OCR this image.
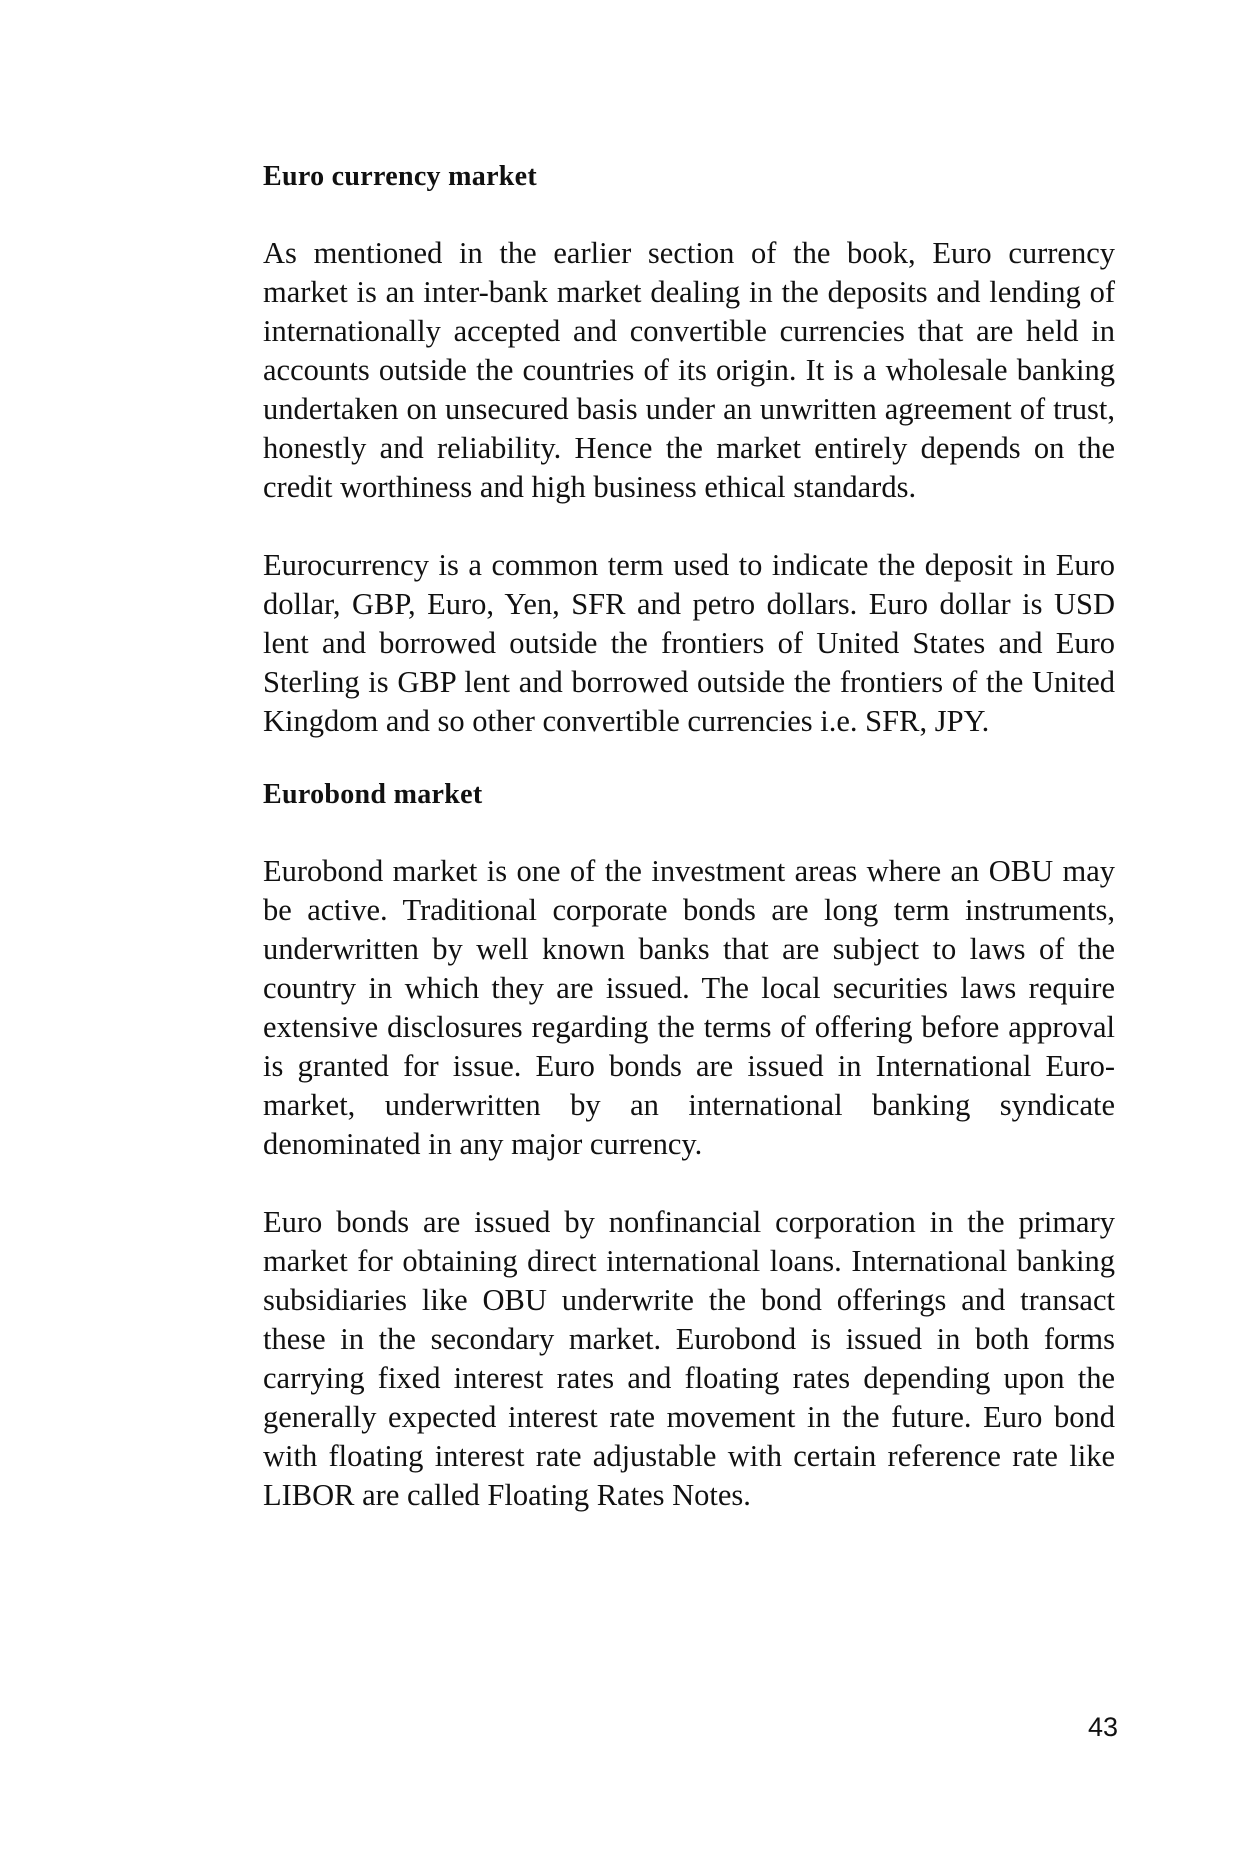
Euro currency market

As mentioned in the earlier section of the book, Euro currency market is an inter-bank market dealing in the deposits and lending of internationally accepted and convertible currencies that are held in accounts outside the countries of its origin. It is a wholesale banking undertaken on unsecured basis under an unwritten agreement of trust, honestly and reliability. Hence the market entirely depends on the credit worthiness and high business ethical standards.

Eurocurrency is a common term used to indicate the deposit in Euro dollar, GBP, Euro, Yen, SFR and petro dollars. Euro dollar is USD lent and borrowed outside the frontiers of United States and Euro Sterling is GBP lent and borrowed outside the frontiers of the United Kingdom and so other convertible currencies i.e. SFR, JPY.

Eurobond market

Eurobond market is one of the investment areas where an OBU may be active. Traditional corporate bonds are long term instruments, underwritten by well known banks that are subject to laws of the country in which they are issued. The local securities laws require extensive disclosures regarding the terms of offering before approval is granted for issue. Euro bonds are issued in International Euro-market, underwritten by an international banking syndicate denominated in any major currency.

Euro bonds are issued by nonfinancial corporation in the primary market for obtaining direct international loans. International banking subsidiaries like OBU underwrite the bond offerings and transact these in the secondary market. Eurobond is issued in both forms carrying fixed interest rates and floating rates depending upon the generally expected interest rate movement in the future. Euro bond with floating interest rate adjustable with certain reference rate like LIBOR are called Floating Rates Notes.

43
